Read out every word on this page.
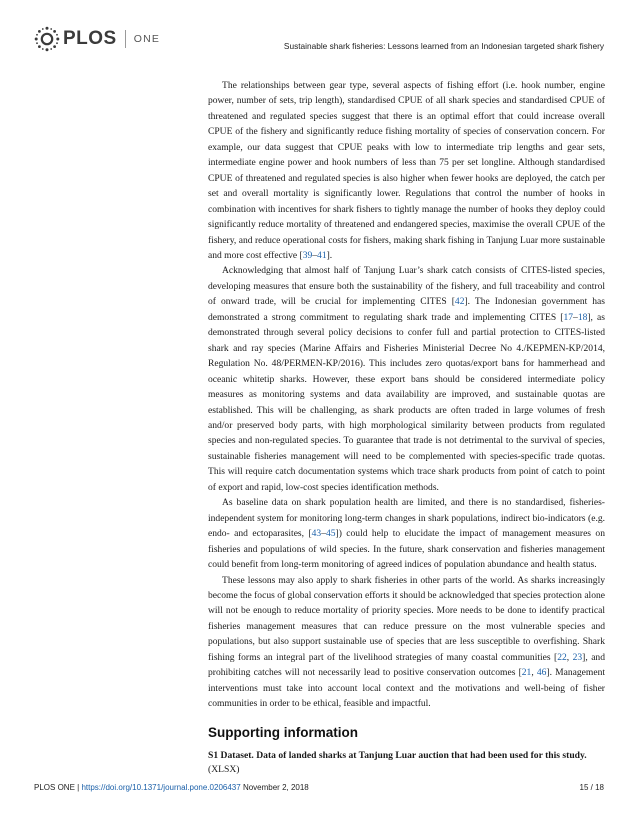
PLOS ONE
Sustainable shark fisheries: Lessons learned from an Indonesian targeted shark fishery

The relationships between gear type, several aspects of fishing effort (i.e. hook number, engine power, number of sets, trip length), standardised CPUE of all shark species and standardised CPUE of threatened and regulated species suggest that there is an optimal effort that could increase overall CPUE of the fishery and significantly reduce fishing mortality of species of conservation concern. For example, our data suggest that CPUE peaks with low to intermediate trip lengths and gear sets, intermediate engine power and hook numbers of less than 75 per set longline. Although standardised CPUE of threatened and regulated species is also higher when fewer hooks are deployed, the catch per set and overall mortality is significantly lower. Regulations that control the number of hooks in combination with incentives for shark fishers to tightly manage the number of hooks they deploy could significantly reduce mortality of threatened and endangered species, maximise the overall CPUE of the fishery, and reduce operational costs for fishers, making shark fishing in Tanjung Luar more sustainable and more cost effective [39–41].

Acknowledging that almost half of Tanjung Luar’s shark catch consists of CITES-listed species, developing measures that ensure both the sustainability of the fishery, and full traceability and control of onward trade, will be crucial for implementing CITES [42]. The Indonesian government has demonstrated a strong commitment to regulating shark trade and implementing CITES [17–18], as demonstrated through several policy decisions to confer full and partial protection to CITES-listed shark and ray species (Marine Affairs and Fisheries Ministerial Decree No 4./KEPMEN-KP/2014, Regulation No. 48/PERMEN-KP/2016). This includes zero quotas/export bans for hammerhead and oceanic whitetip sharks. However, these export bans should be considered intermediate policy measures as monitoring systems and data availability are improved, and sustainable quotas are established. This will be challenging, as shark products are often traded in large volumes of fresh and/or preserved body parts, with high morphological similarity between products from regulated species and non-regulated species. To guarantee that trade is not detrimental to the survival of species, sustainable fisheries management will need to be complemented with species-specific trade quotas. This will require catch documentation systems which trace shark products from point of catch to point of export and rapid, low-cost species identification methods.

As baseline data on shark population health are limited, and there is no standardised, fisheries-independent system for monitoring long-term changes in shark populations, indirect bio-indicators (e.g. endo- and ectoparasites, [43–45]) could help to elucidate the impact of management measures on fisheries and populations of wild species. In the future, shark conservation and fisheries management could benefit from long-term monitoring of agreed indices of population abundance and health status.

These lessons may also apply to shark fisheries in other parts of the world. As sharks increasingly become the focus of global conservation efforts it should be acknowledged that species protection alone will not be enough to reduce mortality of priority species. More needs to be done to identify practical fisheries management measures that can reduce pressure on the most vulnerable species and populations, but also support sustainable use of species that are less susceptible to overfishing. Shark fishing forms an integral part of the livelihood strategies of many coastal communities [22, 23], and prohibiting catches will not necessarily lead to positive conservation outcomes [21, 46]. Management interventions must take into account local context and the motivations and well-being of fisher communities in order to be ethical, feasible and impactful.

Supporting information

S1 Dataset. Data of landed sharks at Tanjung Luar auction that had been used for this study.

(XLSX)

PLOS ONE | https://doi.org/10.1371/journal.pone.0206437 November 2, 2018	15 / 18
